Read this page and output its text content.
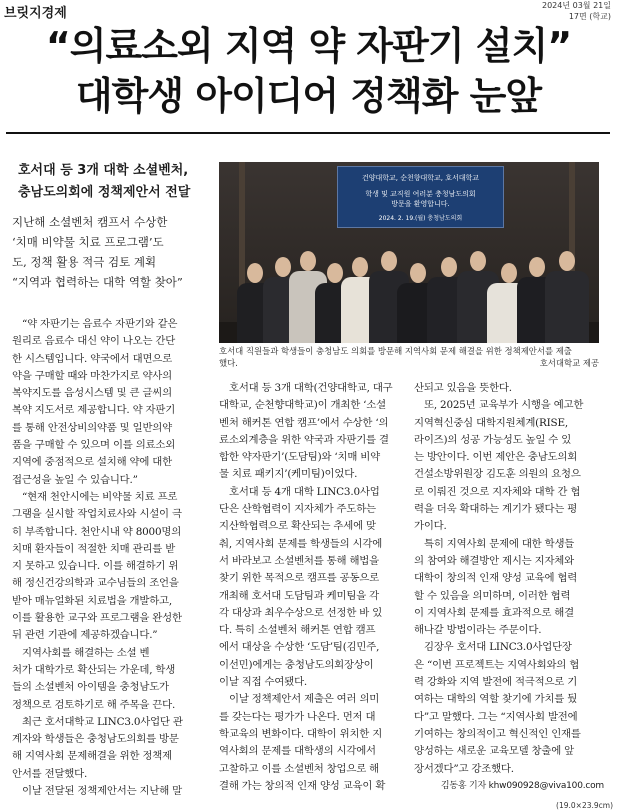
브릿지경제
2024년 03월 21일
17면 (학교)
“의료소외 지역 약 자판기 설치”
대학생 아이디어 정책화 눈앞
호서대 등 3개 대학 소셜벤처,
충남도의회에 정책제안서 전달
지난해 소셜벤처 캠프서 수상한
‘치매 비약물 치료 프로그램’도
도, 정책 활용 적극 검토 계획
“지역과 협력하는 대학 역할 찾아”
건양대학교, 순천향대학교, 호서대학교
학생 및 교직원 여러분 충청남도의회
방문을 환영합니다.
2024. 2. 19.(월) 충청남도의회
호서대 직원들과 학생들이 충청남도 의회를 방문해 지역사회 문제 해결을 위한 정책제안서를 제출
했다.	호서대학교 제공
“약 자판기는 음료수 자판기와 같은
원리로 음료수 대신 약이 나오는 간단
한 시스템입니다. 약국에서 대면으로
약을 구매할 때와 마찬가지로 약사의
복약지도를 음성시스템 및 큰 글씨의
복약 지도서로 제공합니다. 약 자판기
를 통해 안전상비의약품 및 일반의약
품을 구매할 수 있으며 이를 의료소외
지역에 중점적으로 설치해 약에 대한
접근성을 높일 수 있습니다.”
“현재 천안시에는 비약물 치료 프로
그램을 실시할 작업치료사와 시설이 극
히 부족합니다. 천안시내 약 8000명의
치매 환자들이 적절한 치매 관리를 받
지 못하고 있습니다. 이를 해결하기 위
해 정신건강의학과 교수님들의 조언을
받아 매뉴얼화된 치료법을 개발하고,
이를 활용한 교구와 프로그램을 완성한
뒤 관련 기관에 제공하겠습니다.”
지역사회를 해결하는 소셜 벤
처가 대학가로 확산되는 가운데, 학생
들의 소셜벤처 아이템을 충청남도가
정책으로 검토하기로 해 주목을 끈다.
최근 호서대학교 LINC3.0사업단 관
계자와 학생들은 충청남도의회를 방문
해 지역사회 문제해결을 위한 정책제
안서를 전달했다.
이날 전달된 정책제안서는 지난해 말
호서대 등 3개 대학(건양대학교, 대구
대학교, 순천향대학교)이 개최한 ‘소셜
벤처 해커톤 연합 캠프’에서 수상한 ‘의
료소외계층을 위한 약국과 자판기를 결
합한 약자판기’(도담팀)와 ‘치매 비약
물 치료 패키지’(케미팀)이었다.
호서대 등 4개 대학 LINC3.0사업
단은 산학협력이 지자체가 주도하는
지산학협력으로 확산되는 추세에 맞
춰, 지역사회 문제를 학생들의 시각에
서 바라보고 소셜벤처를 통해 해법을
찾기 위한 목적으로 캠프를 공동으로
개최해 호서대 도담팀과 케미팀을 각
각 대상과 최우수상으로 선정한 바 있
다. 특히 소셜벤처 해커톤 연합 캠프
에서 대상을 수상한 ‘도담’팀(김민주,
이선민)에게는 충청남도의회장상이
이날 직접 수여됐다.
이날 정책제안서 제출은 여러 의미
를 갖는다는 평가가 나온다. 먼저 대
학교육의 변화이다. 대학이 위치한 지
역사회의 문제를 대학생의 시각에서
고찰하고 이를 소셜벤처 창업으로 해
결해 가는 창의적 인재 양성 교육이 확
산되고 있음을 뜻한다.
또, 2025년 교육부가 시행을 예고한
지역혁신중심 대학지원체계(RISE,
라이즈)의 성공 가능성도 높일 수 있
는 방안이다. 이번 제안은 충남도의회
건설소방위원장 김도훈 의원의 요청으
로 이뤄진 것으로 지자체와 대학 간 협
력을 더욱 확대하는 계기가 됐다는 평
가이다.
특히 지역사회 문제에 대한 학생들
의 참여와 해결방안 제시는 지자체와
대학이 창의적 인재 양성 교육에 협력
할 수 있음을 의미하며, 이러한 협력
이 지역사회 문제를 효과적으로 해결
해나갈 방법이라는 주문이다.
김장우 호서대 LINC3.0사업단장
은 “이번 프로젝트는 지역사회와의 협
력 강화와 지역 발전에 적극적으로 기
여하는 대학의 역할 찾기에 가치를 뒀
다”고 말했다. 그는 “지역사회 발전에
기여하는 창의적이고 혁신적인 인재를
양성하는 새로운 교육모델 창출에 앞
장서겠다”고 강조했다.
김동홍 기자 khw090928@viva100.com
(19.0×23.9cm)
